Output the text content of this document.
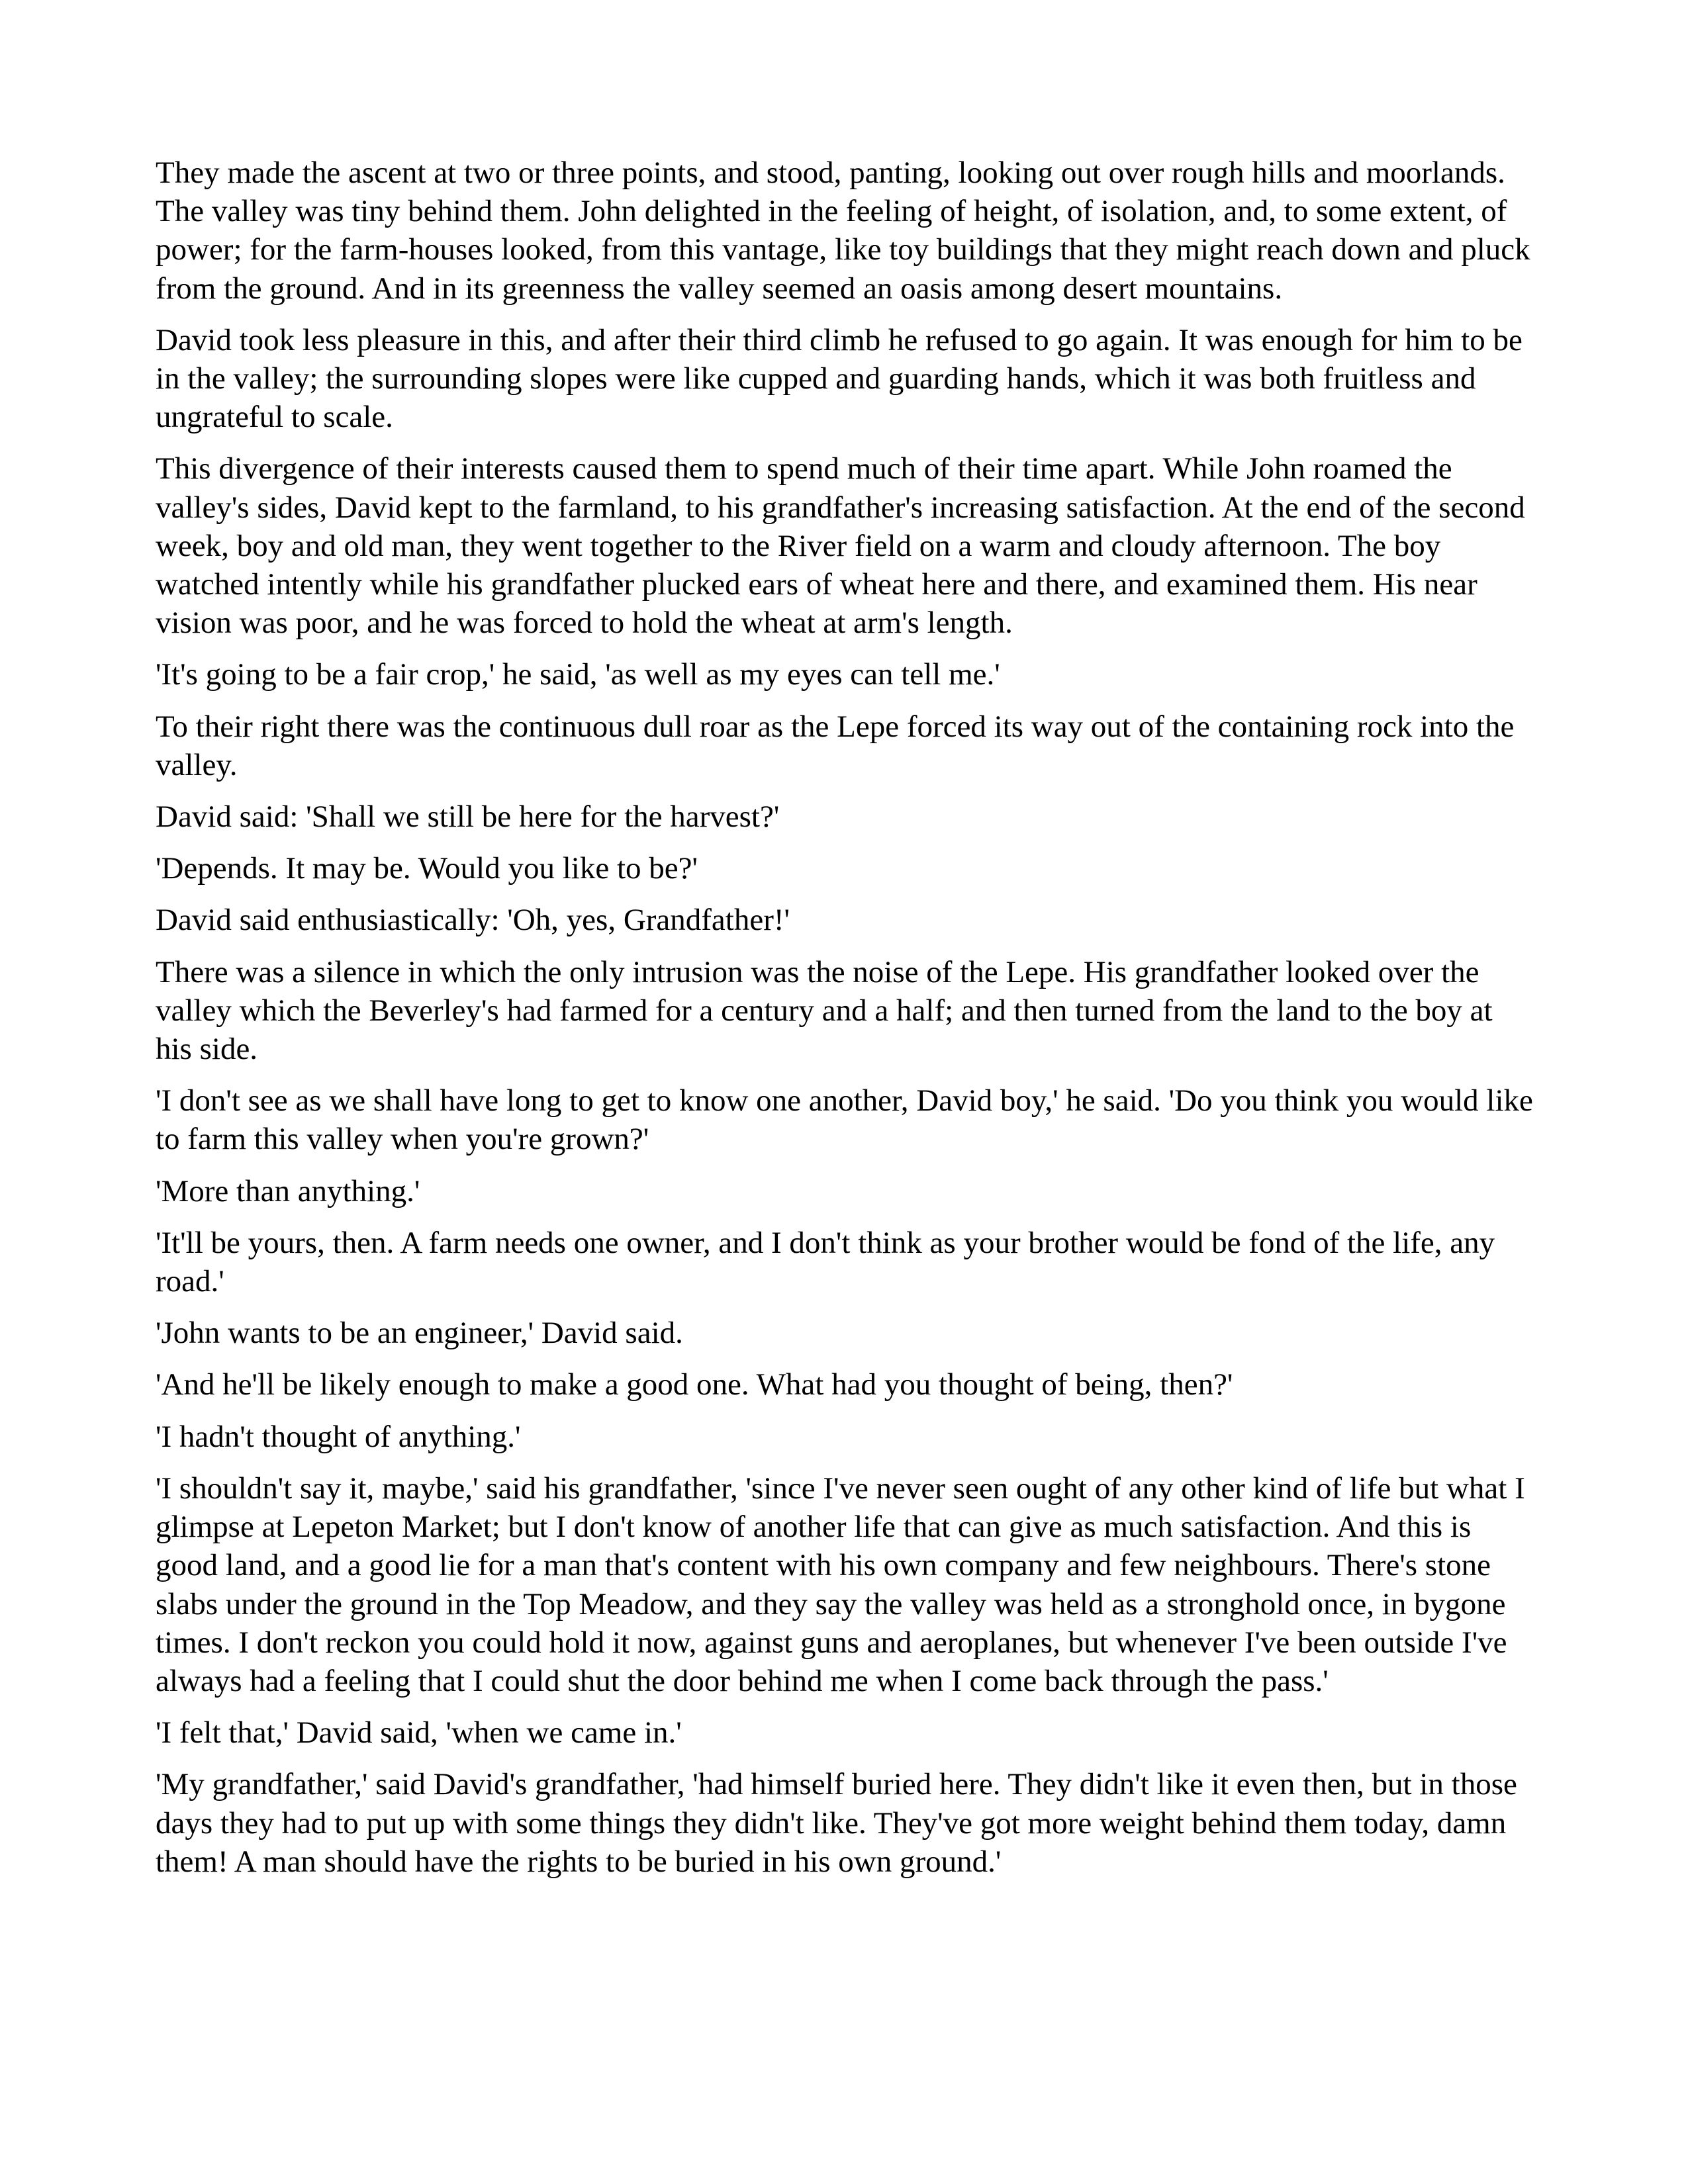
They made the ascent at two or three points, and stood, panting, looking out over rough hills and moorlands. The valley was tiny behind them. John delighted in the feeling of height, of isolation, and, to some extent, of power; for the farm-houses looked, from this vantage, like toy buildings that they might reach down and pluck from the ground. And in its greenness the valley seemed an oasis among desert mountains.

David took less pleasure in this, and after their third climb he refused to go again. It was enough for him to be in the valley; the surrounding slopes were like cupped and guarding hands, which it was both fruitless and ungrateful to scale.

This divergence of their interests caused them to spend much of their time apart. While John roamed the valley's sides, David kept to the farmland, to his grandfather's increasing satisfaction. At the end of the second week, boy and old man, they went together to the River field on a warm and cloudy afternoon. The boy watched intently while his grandfather plucked ears of wheat here and there, and examined them. His near vision was poor, and he was forced to hold the wheat at arm's length.

'It's going to be a fair crop,' he said, 'as well as my eyes can tell me.'

To their right there was the continuous dull roar as the Lepe forced its way out of the containing rock into the valley.

David said: 'Shall we still be here for the harvest?'

'Depends. It may be. Would you like to be?'

David said enthusiastically: 'Oh, yes, Grandfather!'

There was a silence in which the only intrusion was the noise of the Lepe. His grandfather looked over the valley which the Beverley's had farmed for a century and a half; and then turned from the land to the boy at his side.

'I don't see as we shall have long to get to know one another, David boy,' he said. 'Do you think you would like to farm this valley when you're grown?'

'More than anything.'

'It'll be yours, then. A farm needs one owner, and I don't think as your brother would be fond of the life, any road.'

'John wants to be an engineer,' David said.

'And he'll be likely enough to make a good one. What had you thought of being, then?'

'I hadn't thought of anything.'

'I shouldn't say it, maybe,' said his grandfather, 'since I've never seen ought of any other kind of life but what I glimpse at Lepeton Market; but I don't know of another life that can give as much satisfaction. And this is good land, and a good lie for a man that's content with his own company and few neighbours. There's stone slabs under the ground in the Top Meadow, and they say the valley was held as a stronghold once, in bygone times. I don't reckon you could hold it now, against guns and aeroplanes, but whenever I've been outside I've always had a feeling that I could shut the door behind me when I come back through the pass.'

'I felt that,' David said, 'when we came in.'

'My grandfather,' said David's grandfather, 'had himself buried here. They didn't like it even then, but in those days they had to put up with some things they didn't like. They've got more weight behind them today, damn them! A man should have the rights to be buried in his own ground.'
